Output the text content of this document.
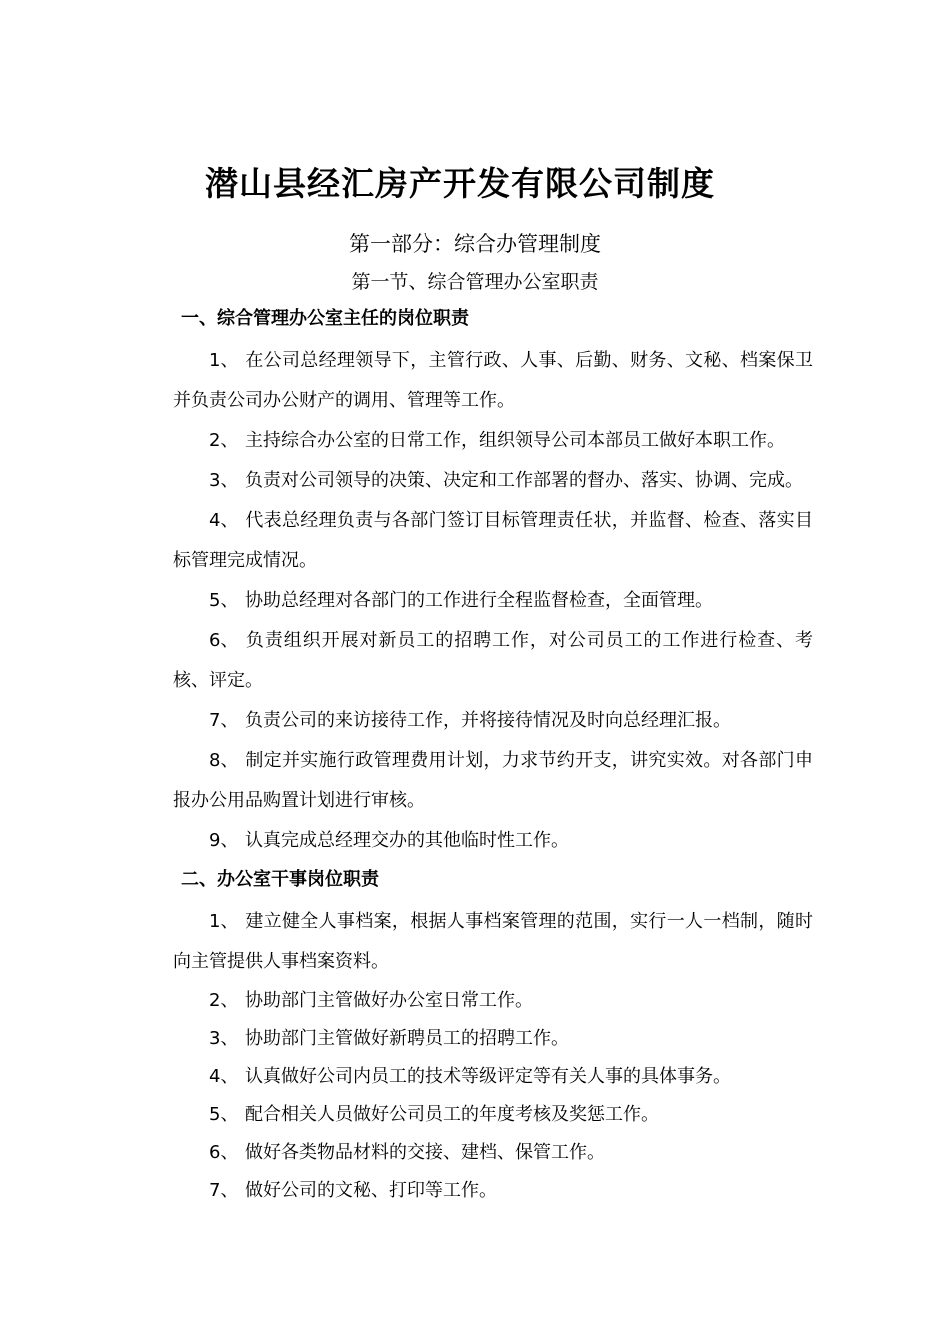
潜山县经汇房产开发有限公司制度
第一部分：综合办管理制度
第一节、综合管理办公室职责
一、综合管理办公室主任的岗位职责

1、 在公司总经理领导下，主管行政、人事、后勤、财务、文秘、档案保卫并负责公司办公财产的调用、管理等工作。

2、 主持综合办公室的日常工作，组织领导公司本部员工做好本职工作。

3、 负责对公司领导的决策、决定和工作部署的督办、落实、协调、完成。

4、 代表总经理负责与各部门签订目标管理责任状，并监督、检查、落实目标管理完成情况。

5、 协助总经理对各部门的工作进行全程监督检查，全面管理。

6、 负责组织开展对新员工的招聘工作，对公司员工的工作进行检查、考核、评定。

7、 负责公司的来访接待工作，并将接待情况及时向总经理汇报。

8、 制定并实施行政管理费用计划，力求节约开支，讲究实效。对各部门申报办公用品购置计划进行审核。

9、 认真完成总经理交办的其他临时性工作。

二、办公室干事岗位职责

1、 建立健全人事档案，根据人事档案管理的范围，实行一人一档制，随时向主管提供人事档案资料。

2、 协助部门主管做好办公室日常工作。

3、 协助部门主管做好新聘员工的招聘工作。

4、 认真做好公司内员工的技术等级评定等有关人事的具体事务。

5、 配合相关人员做好公司员工的年度考核及奖惩工作。

6、 做好各类物品材料的交接、建档、保管工作。

7、 做好公司的文秘、打印等工作。
